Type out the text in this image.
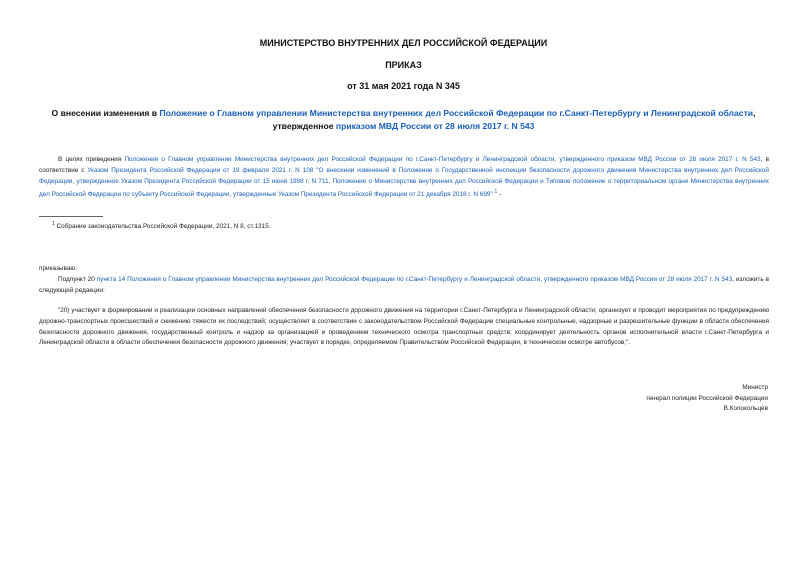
МИНИСТЕРСТВО ВНУТРЕННИХ ДЕЛ РОССИЙСКОЙ ФЕДЕРАЦИИ
ПРИКАЗ
от 31 мая 2021 года N 345
О внесении изменения в Положение о Главном управлении Министерства внутренних дел Российской Федерации по г.Санкт-Петербургу и Ленинградской области, утвержденное приказом МВД России от 28 июля 2017 г. N 543
В целях приведения Положения о Главном управлении Министерства внутренних дел Российской Федерации по г.Санкт-Петербургу и Ленинградской области, утвержденного приказом МВД России от 28 июля 2017 г. N 543, в соответствие с Указом Президента Российской Федерации от 19 февраля 2021 г. N 108 "О внесении изменений в Положение о Государственной инспекции безопасности дорожного движения Министерства внутренних дел Российской Федерации, утвержденное Указом Президента Российской Федерации от 15 июня 1998 г. N 711, Положение о Министерстве внутренних дел Российской Федерации и Типовое положение о территориальном органе Министерства внутренних дел Российской Федерации по субъекту Российской Федерации, утвержденные Указом Президента Российской Федерации от 21 декабря 2016 г. N 699" $^1$ -
$^1$ Собрание законодательства Российской Федерации, 2021, N 8, ст.1315.
приказываю:
Подпункт 20 пункта 14 Положения о Главном управлении Министерства внутренних дел Российской Федерации по г.Санкт-Петербургу и Ленинградской области, утвержденного приказом МВД России от 28 июля 2017 г. N 543, изложить в следующей редакции:
"20) участвует в формировании и реализации основных направлений обеспечения безопасности дорожного движения на территории г.Санкт-Петербурга и Ленинградской области; организует и проводит мероприятия по предупреждению дорожно-транспортных происшествий и снижению тяжести их последствий; осуществляет в соответствии с законодательством Российской Федерации специальные контрольные, надзорные и разрешительные функции в области обеспечения безопасности дорожного движения, государственный контроль и надзор за организацией и проведением технического осмотра транспортных средств; координирует деятельность органов исполнительной власти г.Санкт-Петербурга и Ленинградской области в области обеспечения безопасности дорожного движения; участвует в порядке, определяемом Правительством Российской Федерации, в техническом осмотре автобусов;".
Министр
генерал полиции Российской Федерации
В.Колокольцев
